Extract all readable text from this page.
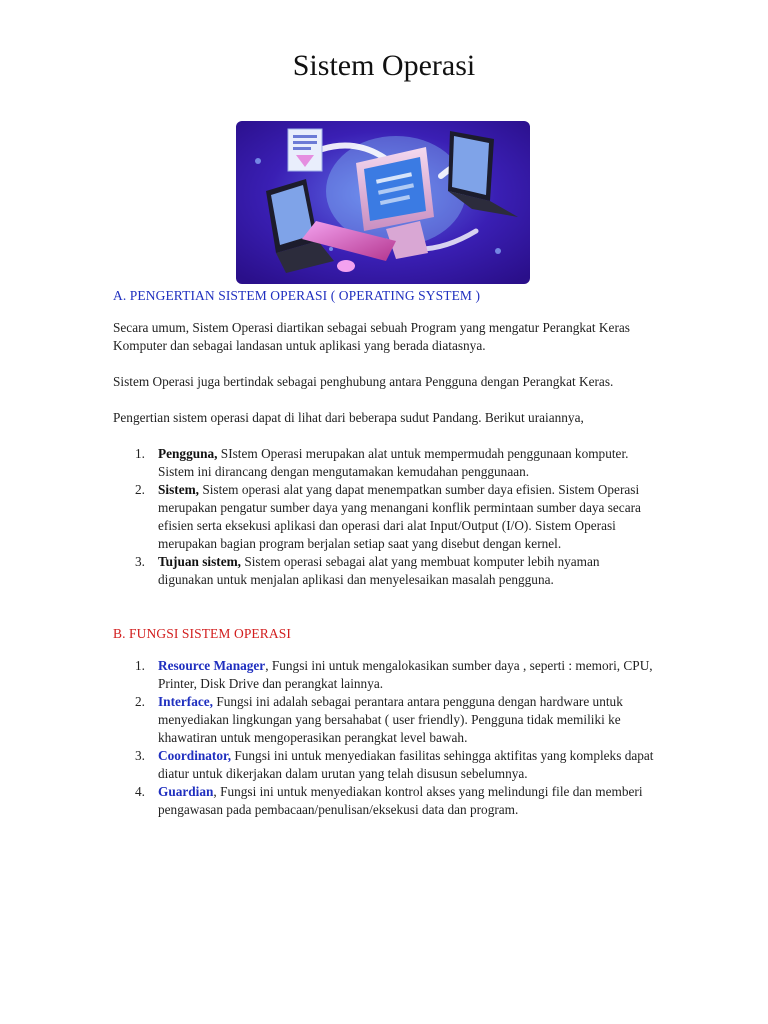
Sistem Operasi
A. PENGERTIAN SISTEM OPERASI ( OPERATING SYSTEM )

Secara umum, Sistem Operasi diartikan sebagai sebuah Program yang mengatur Perangkat Keras Komputer dan sebagai landasan untuk aplikasi yang berada diatasnya.

Sistem Operasi juga bertindak sebagai penghubung antara Pengguna dengan Perangkat Keras.

Pengertian sistem operasi dapat di lihat dari beberapa sudut Pandang. Berikut uraiannya,

1. Pengguna, SIstem Operasi merupakan alat untuk mempermudah penggunaan komputer. Sistem ini dirancang dengan mengutamakan kemudahan penggunaan.
2. Sistem, Sistem operasi alat yang dapat menempatkan sumber daya efisien. Sistem Operasi merupakan pengatur sumber daya yang menangani konflik permintaan sumber daya secara efisien serta eksekusi aplikasi dan operasi dari alat Input/Output (I/O). Sistem Operasi merupakan bagian program berjalan setiap saat yang disebut dengan kernel.
3. Tujuan sistem, Sistem operasi sebagai alat yang membuat komputer lebih nyaman digunakan untuk menjalan aplikasi dan menyelesaikan masalah pengguna.
B. FUNGSI SISTEM OPERASI
1. Resource Manager, Fungsi ini untuk mengalokasikan sumber daya , seperti : memori, CPU, Printer, Disk Drive dan perangkat lainnya.
2. Interface, Fungsi ini adalah sebagai perantara antara pengguna dengan hardware untuk menyediakan lingkungan yang bersahabat ( user friendly). Pengguna tidak memiliki ke khawatiran untuk mengoperasikan perangkat level bawah.
3. Coordinator, Fungsi ini untuk menyediakan fasilitas sehingga aktifitas yang kompleks dapat diatur untuk dikerjakan dalam urutan yang telah disusun sebelumnya.
4. Guardian, Fungsi ini untuk menyediakan kontrol akses yang melindungi file dan memberi pengawasan pada pembacaan/penulisan/eksekusi data dan program.
